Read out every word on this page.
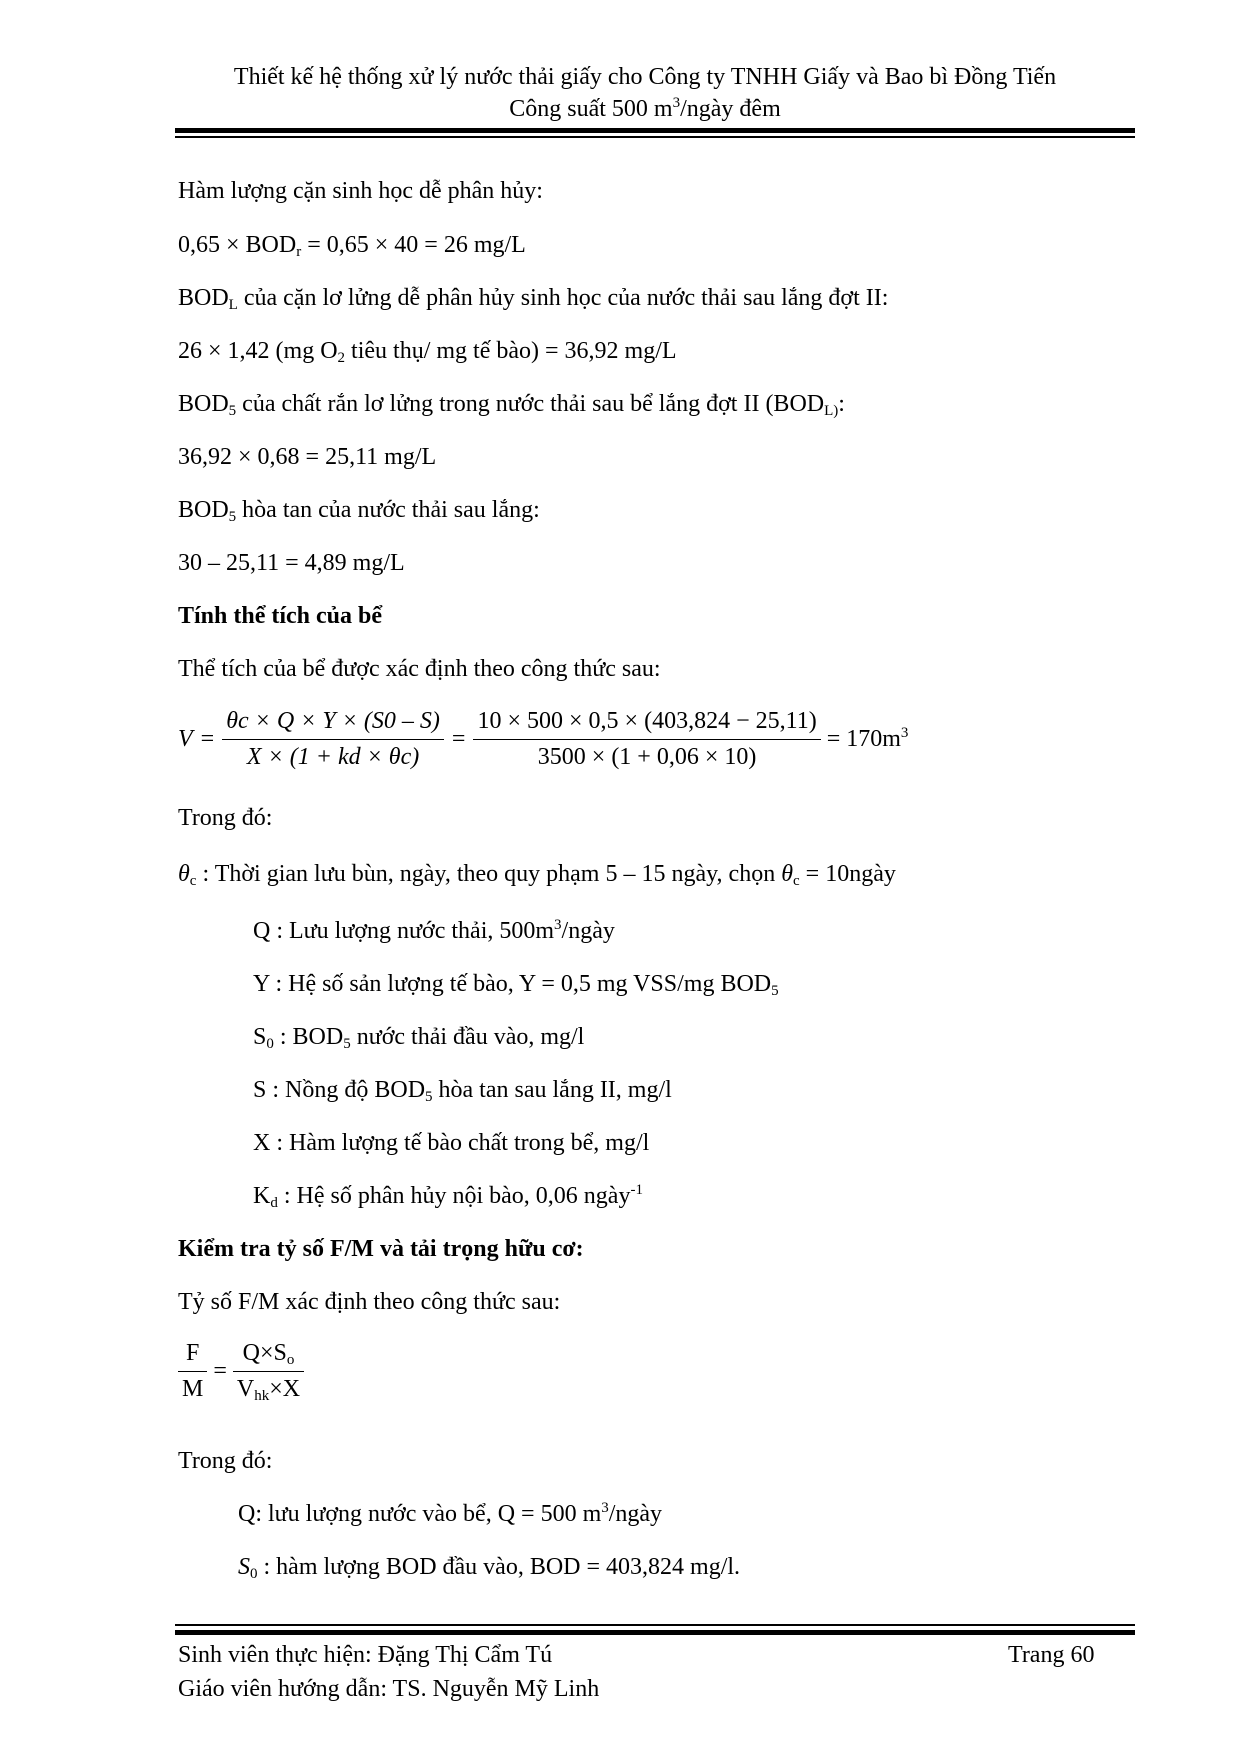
Thiết kế hệ thống xử lý nước thải giấy cho Công ty TNHH Giấy và Bao bì Đồng Tiến
Công suất 500 $m^3$/ngày đêm
Hàm lượng cặn sinh học dễ phân hủy:
$0,65 \times BOD_r = 0,65 \times 40 = 26$ mg/L
$BOD_L$ của cặn lơ lửng dễ phân hủy sinh học của nước thải sau lắng đợt II:
26 × 1,42 (mg $O_2$ tiêu thụ/ mg tế bào) = 36,92 mg/L
$BOD_5$ của chất rắn lơ lửng trong nước thải sau bể lắng đợt II ($BOD_{L)}$:
36,92 × 0,68 = 25,11 mg/L
$BOD_5$ hòa tan của nước thải sau lắng:
30 – 25,11 = 4,89 mg/L
Tính thể tích của bể
Thể tích của bể được xác định theo công thức sau:
$V = \frac{\theta c \times Q \times Y \times (S0 - S)}{X \times (1 + kd \times \theta c)} = \frac{10 \times 500 \times 0,5 \times (403,824 - 25,11)}{3500 \times (1 + 0,06 \times 10)} = 170m^3$
Trong đó:
$\theta_c$ : Thời gian lưu bùn, ngày, theo quy phạm 5 – 15 ngày, chọn $\theta_c$ = 10ngày
Q : Lưu lượng nước thải, $500m^3$/ngày
Y : Hệ số sản lượng tế bào, Y = 0,5 mg VSS/mg $BOD_5$
$S_0$ : $BOD_5$ nước thải đầu vào, mg/l
S : Nồng độ $BOD_5$ hòa tan sau lắng II, mg/l
X : Hàm lượng tế bào chất trong bể, mg/l
$K_d$ : Hệ số phân hủy nội bào, 0,06 ngày$^{-1}$
Kiểm tra tỷ số F/M và tải trọng hữu cơ:
Tỷ số F/M xác định theo công thức sau:
$\frac{F}{M} = \frac{Q\times S_o}{V_{hk}\times X}$
Trong đó:
Q: lưu lượng nước vào bể, Q = 500 $m^3$/ngày
$S_0$ : hàm lượng BOD đầu vào, BOD = 403,824 mg/l.
Sinh viên thực hiện: Đặng Thị Cẩm Tú	Trang 60
Giáo viên hướng dẫn: TS. Nguyễn Mỹ Linh
